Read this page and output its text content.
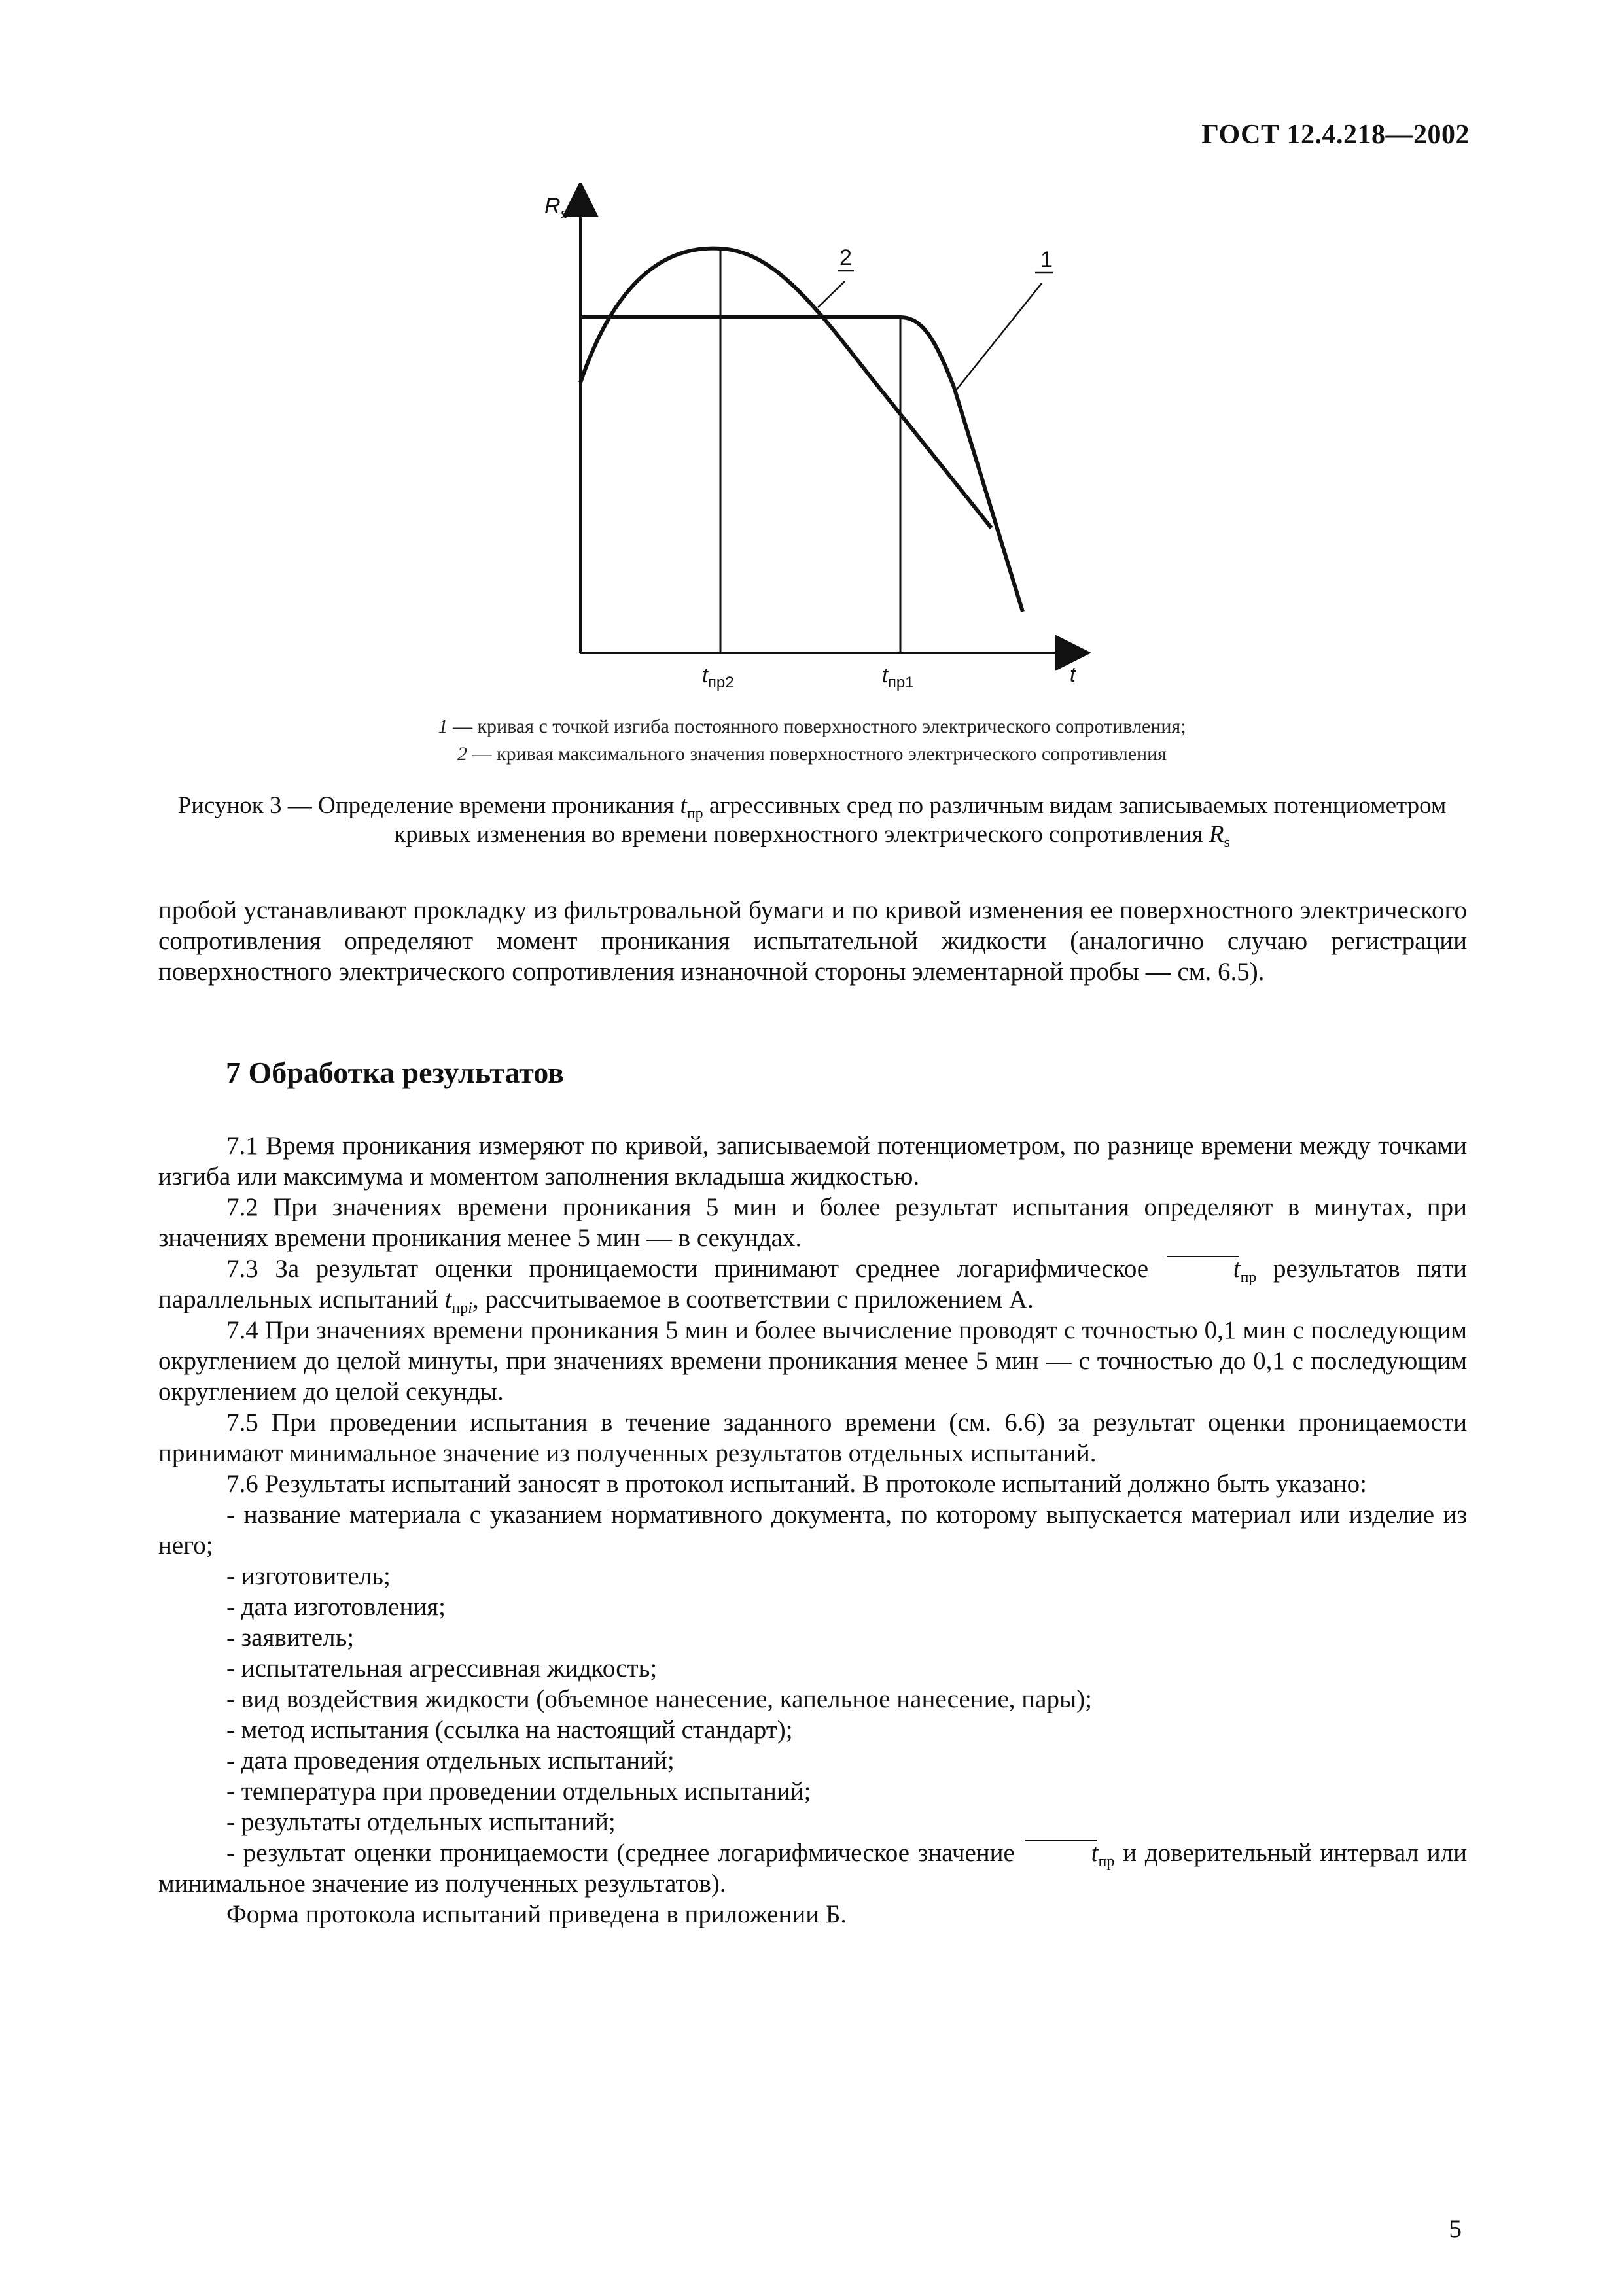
ГОСТ 12.4.218—2002
$R_s$
t
$t_{пр2}$	$t_{пр1}$
2	1
1 — кривая с точкой изгиба постоянного поверхностного электрического сопротивления;
2 — кривая максимального значения поверхностного электрического сопротивления
Рисунок 3 — Определение времени проникания $t_{пр}$ агрессивных сред по различным видам записываемых потенциометром кривых изменения во времени поверхностного электрического сопротивления $R_s$

пробой устанавливают прокладку из фильтровальной бумаги и по кривой изменения ее поверхностного электрического сопротивления определяют момент проникания испытательной жидкости (аналогично случаю регистрации поверхностного электрического сопротивления изнаночной стороны элементарной пробы — см. 6.5).

7 Обработка результатов

7.1 Время проникания измеряют по кривой, записываемой потенциометром, по разнице времени между точками изгиба или максимума и моментом заполнения вкладыша жидкостью.

7.2 При значениях времени проникания 5 мин и более результат испытания определяют в минутах, при значениях времени проникания менее 5 мин — в секундах.

7.3 За результат оценки проницаемости принимают среднее логарифмическое	$t_{пр}$ результатов пяти параллельных испытаний $t_{прi}$, рассчитываемое в соответствии с приложением А.

7.4 При значениях времени проникания 5 мин и более вычисление проводят с точностью 0,1 мин с последующим округлением до целой минуты, при значениях времени проникания менее 5 мин — с точностью до 0,1 с последующим округлением до целой секунды.

7.5 При проведении испытания в течение заданного времени (см. 6.6) за результат оценки проницаемости принимают минимальное значение из полученных результатов отдельных испытаний.

7.6 Результаты испытаний заносят в протокол испытаний. В протоколе испытаний должно быть указано:

- название материала с указанием нормативного документа, по которому выпускается материал или изделие из него;

- изготовитель;

- дата изготовления;

- заявитель;

- испытательная агрессивная жидкость;

- вид воздействия жидкости (объемное нанесение, капельное нанесение, пары);

- метод испытания (ссылка на настоящий стандарт);

- дата проведения отдельных испытаний;

- температура при проведении отдельных испытаний;

- результаты отдельных испытаний;

- результат оценки проницаемости (среднее логарифмическое значение	$t_{пр}$ и доверительный интервал или минимальное значение из полученных результатов).

Форма протокола испытаний приведена в приложении Б.

5
